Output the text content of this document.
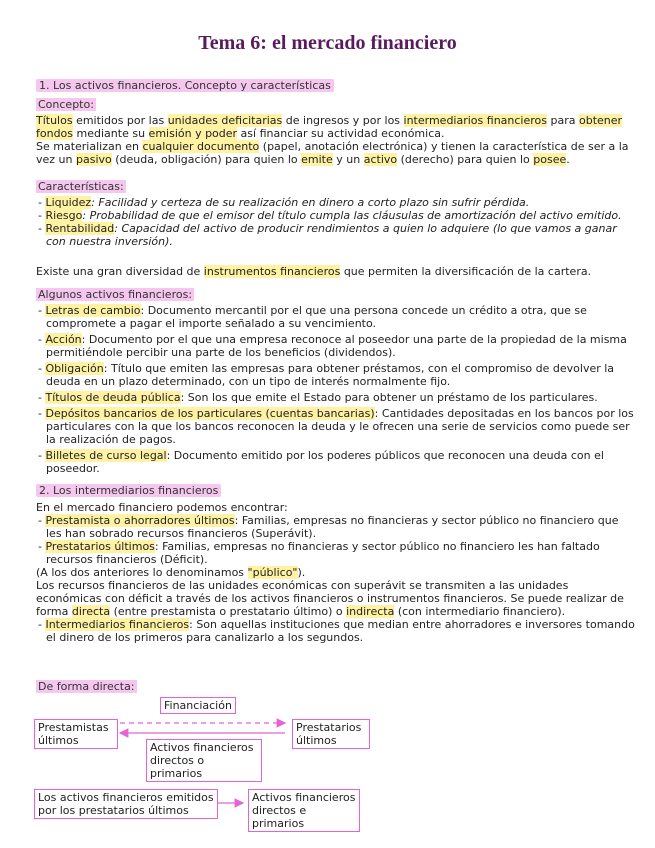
Tema 6: el mercado financiero
1. Los activos financieros. Concepto y características
Concepto:
Títulos emitidos por las unidades deficitarias de ingresos y por los intermediarios financieros para obtener fondos mediante su emisión y poder así financiar su actividad económica.
Se materializan en cualquier documento (papel, anotación electrónica) y tienen la característica de ser a la vez un pasivo (deuda, obligación) para quien lo emite y un activo (derecho) para quien lo posee.
Características:
- Liquidez: Facilidad y certeza de su realización en dinero a corto plazo sin sufrir pérdida.
- Riesgo: Probabilidad de que el emisor del título cumpla las cláusulas de amortización del activo emitido.
- Rentabilidad: Capacidad del activo de producir rendimientos a quien lo adquiere (lo que vamos a ganar con nuestra inversión).
Existe una gran diversidad de instrumentos financieros que permiten la diversificación de la cartera.
Algunos activos financieros:
- Letras de cambio: Documento mercantil por el que una persona concede un crédito a otra, que se compromete a pagar el importe señalado a su vencimiento.
- Acción: Documento por el que una empresa reconoce al poseedor una parte de la propiedad de la misma permitiéndole percibir una parte de los beneficios (dividendos).
- Obligación: Título que emiten las empresas para obtener préstamos, con el compromiso de devolver la deuda en un plazo determinado, con un tipo de interés normalmente fijo.
- Títulos de deuda pública: Son los que emite el Estado para obtener un préstamo de los particulares.
- Depósitos bancarios de los particulares (cuentas bancarias): Cantidades depositadas en los bancos por los particulares con la que los bancos reconocen la deuda y le ofrecen una serie de servicios como puede ser la realización de pagos.
- Billetes de curso legal: Documento emitido por los poderes públicos que reconocen una deuda con el poseedor.
2. Los intermediarios financieros
En el mercado financiero podemos encontrar:
- Prestamista o ahorradores últimos: Familias, empresas no financieras y sector público no financiero que les han sobrado recursos financieros (Superávit).
- Prestatarios últimos: Familias, empresas no financieras y sector público no financiero les han faltado recursos financieros (Déficit).
(A los dos anteriores lo denominamos "público").
Los recursos financieros de las unidades económicas con superávit se transmiten a las unidades económicas con déficit a través de los activos financieros o instrumentos financieros. Se puede realizar de forma directa (entre prestamista o prestatario último) o indirecta (con intermediario financiero).
- Intermediarios financieros: Son aquellas instituciones que median entre ahorradores e inversores tomando el dinero de los primeros para canalizarlo a los segundos.
De forma directa:
Financiación
Prestamistas últimos
Prestatarios últimos
Activos financieros directos o primarios
Los activos financieros emitidos por los prestatarios últimos
Activos financieros directos e primarios
